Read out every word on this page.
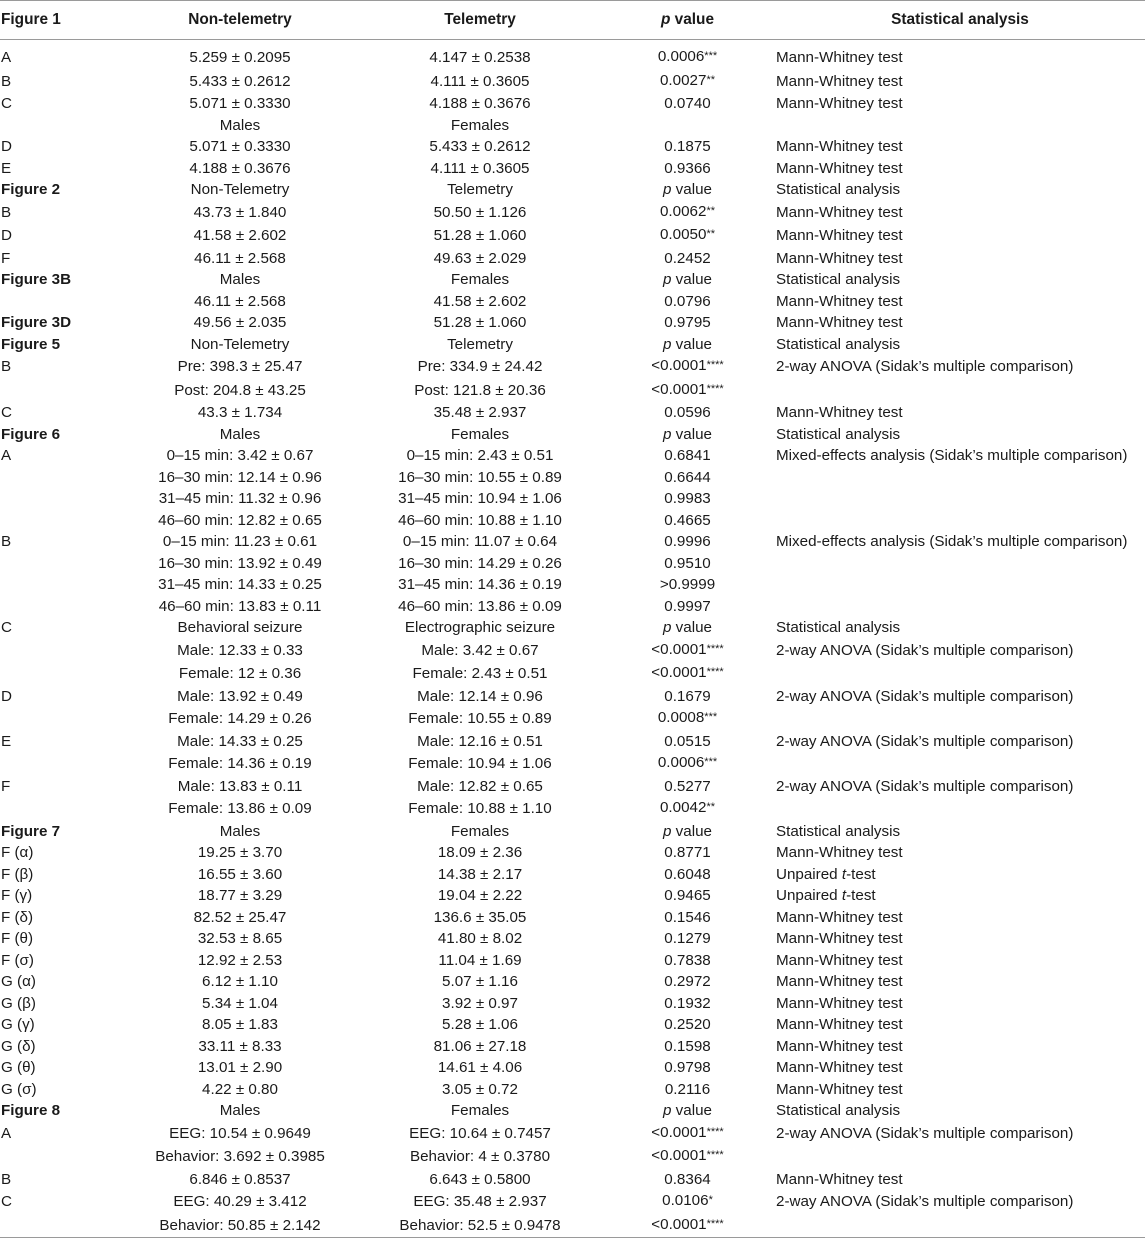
Figure 1	Non-telemetry	Telemetry	p value	Statistical analysis

A	5.259 ± 0.2095	4.147 ± 0.2538	0.0006***	Mann-Whitney test
B	5.433 ± 0.2612	4.111 ± 0.3605	0.0027**	Mann-Whitney test
C	5.071 ± 0.3330	4.188 ± 0.3676	0.0740	Mann-Whitney test
	Males	Females		
D	5.071 ± 0.3330	5.433 ± 0.2612	0.1875	Mann-Whitney test
E	4.188 ± 0.3676	4.111 ± 0.3605	0.9366	Mann-Whitney test
Figure 2	Non-Telemetry	Telemetry	p value	Statistical analysis
B	43.73 ± 1.840	50.50 ± 1.126	0.0062**	Mann-Whitney test
D	41.58 ± 2.602	51.28 ± 1.060	0.0050**	Mann-Whitney test
F	46.11 ± 2.568	49.63 ± 2.029	0.2452	Mann-Whitney test
Figure 3B	Males	Females	p value	Statistical analysis
	46.11 ± 2.568	41.58 ± 2.602	0.0796	Mann-Whitney test
Figure 3D	49.56 ± 2.035	51.28 ± 1.060	0.9795	Mann-Whitney test
Figure 5	Non-Telemetry	Telemetry	p value	Statistical analysis
B	Pre: 398.3 ± 25.47	Pre: 334.9 ± 24.42	<0.0001****	2-way ANOVA (Sidak’s multiple comparison)
	Post: 204.8 ± 43.25	Post: 121.8 ± 20.36	<0.0001****	
C	43.3 ± 1.734	35.48 ± 2.937	0.0596	Mann-Whitney test
Figure 6	Males	Females	p value	Statistical analysis
A	0–15 min: 3.42 ± 0.67	0–15 min: 2.43 ± 0.51	0.6841	Mixed-effects analysis (Sidak’s multiple comparison)
	16–30 min: 12.14 ± 0.96	16–30 min: 10.55 ± 0.89	0.6644	
	31–45 min: 11.32 ± 0.96	31–45 min: 10.94 ± 1.06	0.9983	
	46–60 min: 12.82 ± 0.65	46–60 min: 10.88 ± 1.10	0.4665	
B	0–15 min: 11.23 ± 0.61	0–15 min: 11.07 ± 0.64	0.9996	Mixed-effects analysis (Sidak’s multiple comparison)
	16–30 min: 13.92 ± 0.49	16–30 min: 14.29 ± 0.26	0.9510	
	31–45 min: 14.33 ± 0.25	31–45 min: 14.36 ± 0.19	>0.9999	
	46–60 min: 13.83 ± 0.11	46–60 min: 13.86 ± 0.09	0.9997	
C	Behavioral seizure	Electrographic seizure	p value	Statistical analysis
	Male: 12.33 ± 0.33	Male: 3.42 ± 0.67	<0.0001****	2-way ANOVA (Sidak’s multiple comparison)
	Female: 12 ± 0.36	Female: 2.43 ± 0.51	<0.0001****	
D	Male: 13.92 ± 0.49	Male: 12.14 ± 0.96	0.1679	2-way ANOVA (Sidak’s multiple comparison)
	Female: 14.29 ± 0.26	Female: 10.55 ± 0.89	0.0008***	
E	Male: 14.33 ± 0.25	Male: 12.16 ± 0.51	0.0515	2-way ANOVA (Sidak’s multiple comparison)
	Female: 14.36 ± 0.19	Female: 10.94 ± 1.06	0.0006***	
F	Male: 13.83 ± 0.11	Male: 12.82 ± 0.65	0.5277	2-way ANOVA (Sidak’s multiple comparison)
	Female: 13.86 ± 0.09	Female: 10.88 ± 1.10	0.0042**	
Figure 7	Males	Females	p value	Statistical analysis
F (α)	19.25 ± 3.70	18.09 ± 2.36	0.8771	Mann-Whitney test
F (β)	16.55 ± 3.60	14.38 ± 2.17	0.6048	Unpaired t-test
F (γ)	18.77 ± 3.29	19.04 ± 2.22	0.9465	Unpaired t-test
F (δ)	82.52 ± 25.47	136.6 ± 35.05	0.1546	Mann-Whitney test
F (θ)	32.53 ± 8.65	41.80 ± 8.02	0.1279	Mann-Whitney test
F (σ)	12.92 ± 2.53	11.04 ± 1.69	0.7838	Mann-Whitney test
G (α)	6.12 ± 1.10	5.07 ± 1.16	0.2972	Mann-Whitney test
G (β)	5.34 ± 1.04	3.92 ± 0.97	0.1932	Mann-Whitney test
G (γ)	8.05 ± 1.83	5.28 ± 1.06	0.2520	Mann-Whitney test
G (δ)	33.11 ± 8.33	81.06 ± 27.18	0.1598	Mann-Whitney test
G (θ)	13.01 ± 2.90	14.61 ± 4.06	0.9798	Mann-Whitney test
G (σ)	4.22 ± 0.80	3.05 ± 0.72	0.2116	Mann-Whitney test
Figure 8	Males	Females	p value	Statistical analysis
A	EEG: 10.54 ± 0.9649	EEG: 10.64 ± 0.7457	<0.0001****	2-way ANOVA (Sidak’s multiple comparison)
	Behavior: 3.692 ± 0.3985	Behavior: 4 ± 0.3780	<0.0001****	
B	6.846 ± 0.8537	6.643 ± 0.5800	0.8364	Mann-Whitney test
C	EEG: 40.29 ± 3.412	EEG: 35.48 ± 2.937	0.0106*	2-way ANOVA (Sidak’s multiple comparison)
	Behavior: 50.85 ± 2.142	Behavior: 52.5 ± 0.9478	<0.0001****	
